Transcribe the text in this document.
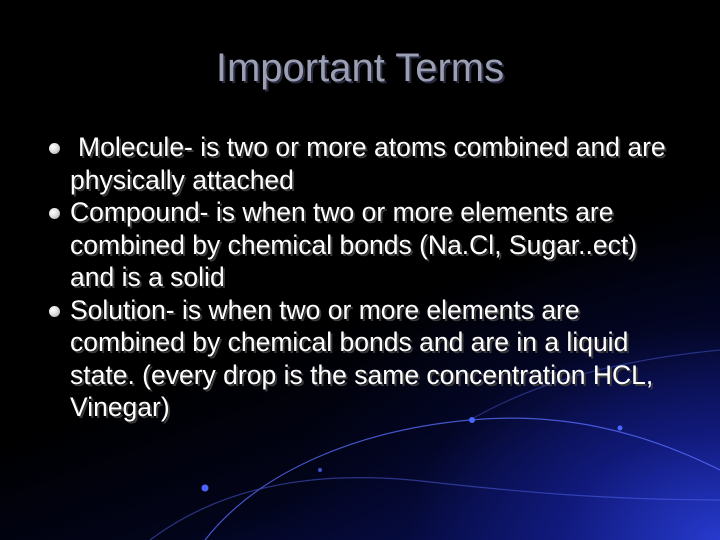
Important Terms
Molecule- is two or more atoms combined and are physically attached
Compound- is when two or more elements are combined by chemical bonds (Na.Cl, Sugar..ect) and is a solid
Solution- is when two or more elements are combined by chemical bonds and are in a liquid state. (every drop is the same concentration HCL, Vinegar)
